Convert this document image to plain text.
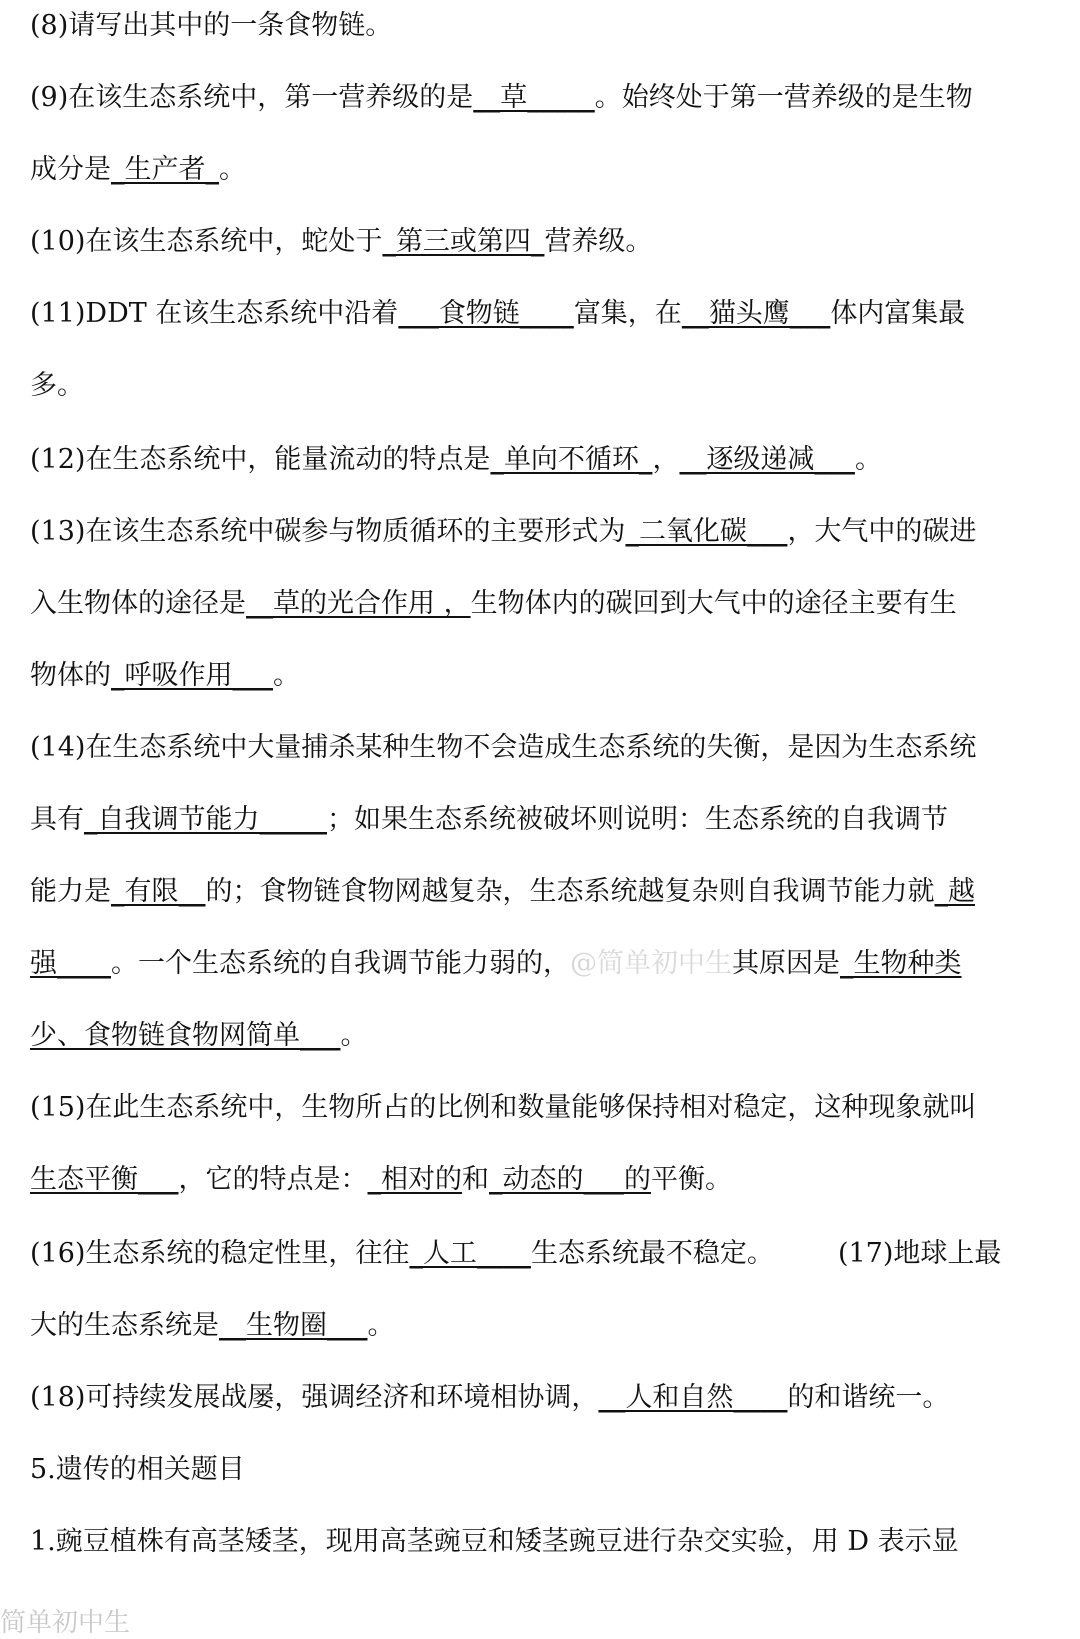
(8)请写出其中的一条食物链。
(9)在该生态系统中，第一营养级的是__草_____。始终处于第一营养级的是生物
成分是_生产者_。
(10)在该生态系统中，蛇处于_第三或第四_营养级。
(11)DDT 在该生态系统中沿着___食物链____富集，在__猫头鹰___体内富集最
多。
(12)在生态系统中，能量流动的特点是_单向不循环_，__逐级递减___。
(13)在该生态系统中碳参与物质循环的主要形式为_二氧化碳___，大气中的碳进
入生物体的途径是__草的光合作用 ，生物体内的碳回到大气中的途径主要有生
物体的_呼吸作用___。
(14)在生态系统中大量捕杀某种生物不会造成生态系统的失衡，是因为生态系统
具有_自我调节能力_____；如果生态系统被破坏则说明：生态系统的自我调节
能力是_有限__的；食物链食物网越复杂，生态系统越复杂则自我调节能力就_越
强____。一个生态系统的自我调节能力弱的，@简单初中生其原因是_生物种类
少、食物链食物网简单___。
(15)在此生态系统中，生物所占的比例和数量能够保持相对稳定，这种现象就叫
生态平衡___，它的特点是：_相对的和_动态的___的平衡。
(16)生态系统的稳定性里，往往_人工____生态系统最不稳定。 (17)地球上最
大的生态系统是__生物圈___。
(18)可持续发展战屡，强调经济和环境相协调，__人和自然____的和谐统一。
5.遗传的相关题目
1.豌豆植株有高茎矮茎，现用高茎豌豆和矮茎豌豆进行杂交实验，用 D 表示显
简单初中生
